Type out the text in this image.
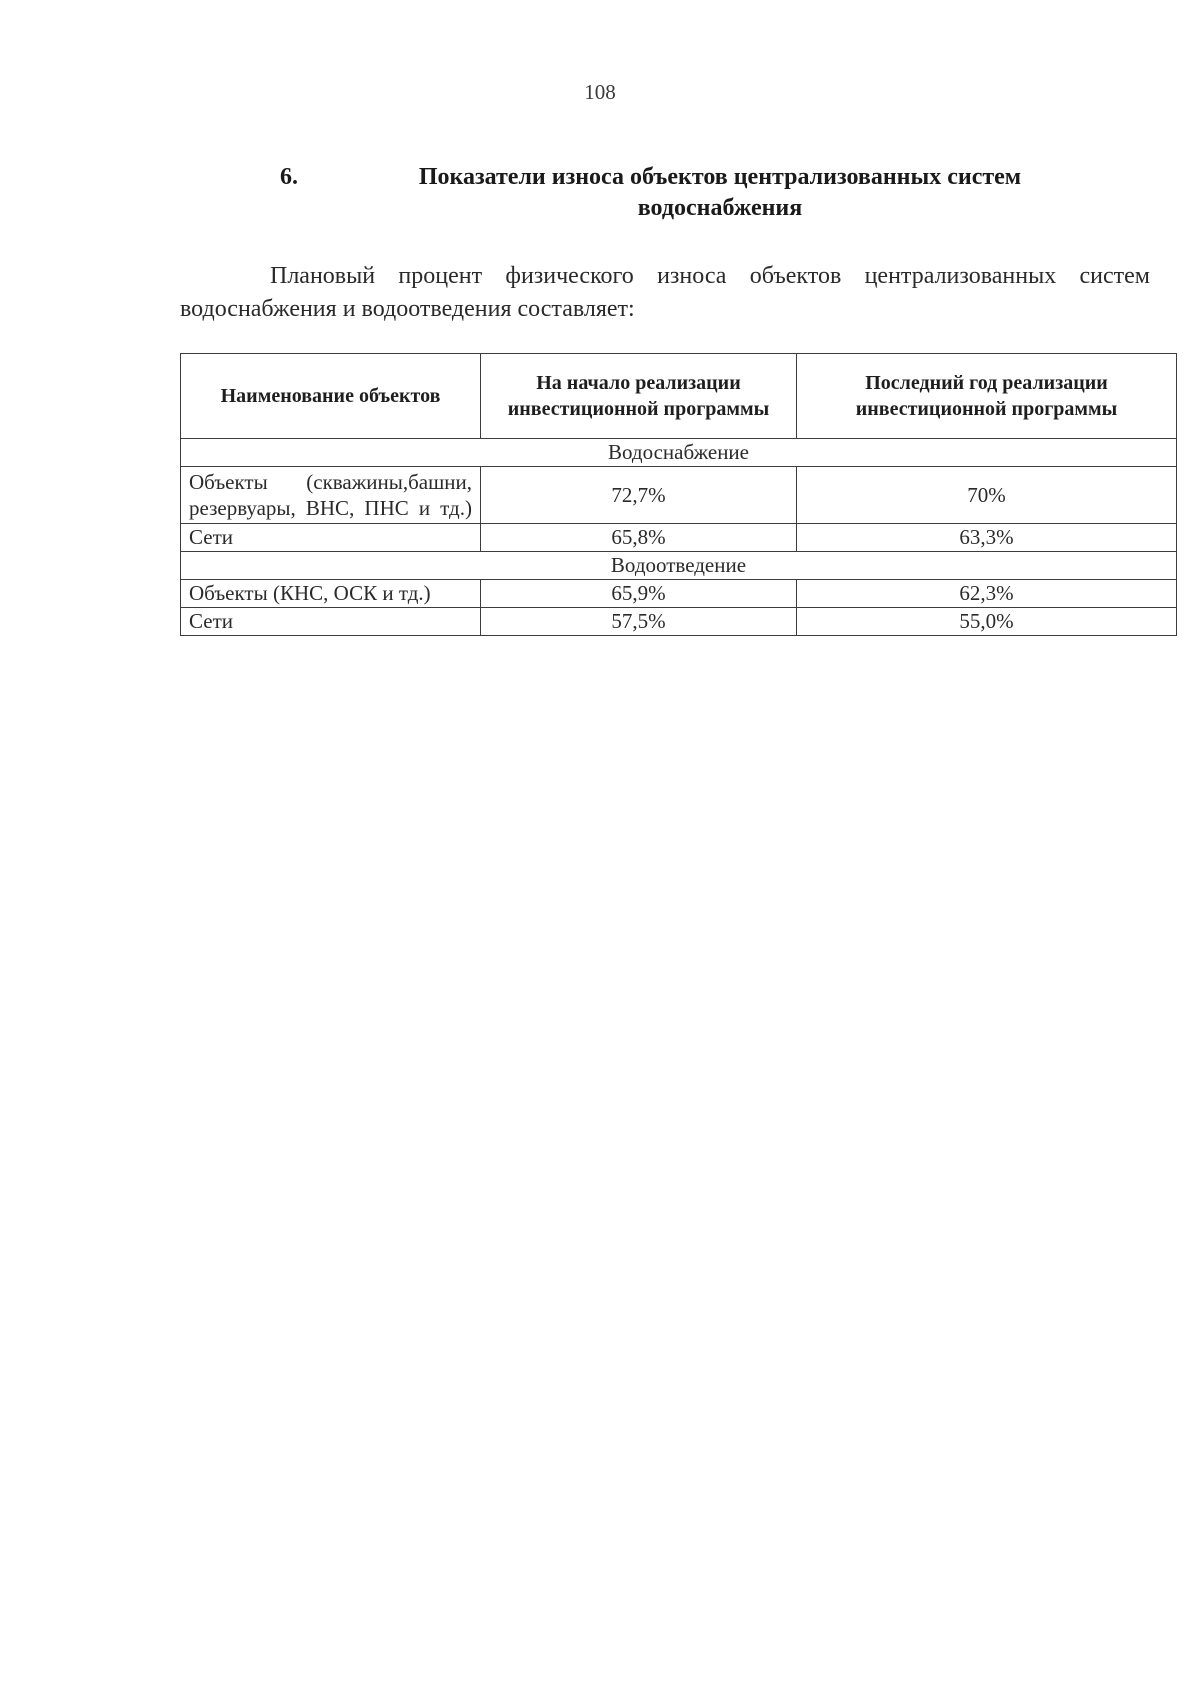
108
6.	Показатели износа объектов централизованных систем водоснабжения
Плановый процент физического износа объектов централизованных систем водоснабжения и водоотведения составляет:
Наименование объектов	На начало реализации инвестиционной программы	Последний год реализации инвестиционной программы
Водоснабжение		

Объекты (скважины,башни, резервуары, ВНС, ПНС и тд.)	72,7%	70%
Сети	65,8%	63,3%
Водоотведение		
Объекты (КНС, ОСК и тд.)	65,9%	62,3%
Сети	57,5%	55,0%
